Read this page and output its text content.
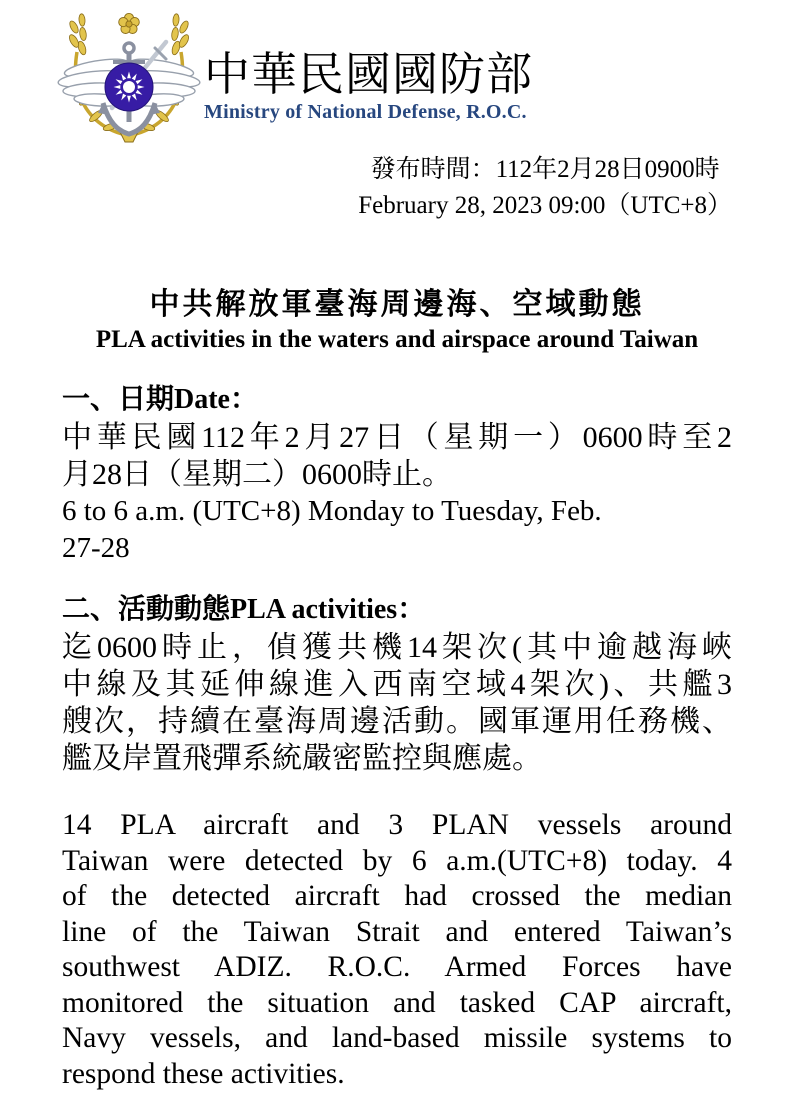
中華民國國防部
Ministry of National Defense, R.O.C.
發布時間：112年2月28日0900時
February 28, 2023 09:00（UTC+8）
中共解放軍臺海周邊海、空域動態
PLA activities in the waters and airspace around Taiwan
一、日期Date：
中華民國112年2月27日（星期一）0600時至2
月28日（星期二）0600時止。
6 to 6 a.m. (UTC+8) Monday to Tuesday, Feb.
27-28
二、活動動態PLA activities：
迄0600時止，偵獲共機14架次(其中逾越海峽
中線及其延伸線進入西南空域4架次)、共艦3
艘次，持續在臺海周邊活動。國軍運用任務機、
艦及岸置飛彈系統嚴密監控與應處。
14 PLA aircraft and 3 PLAN vessels around
Taiwan were detected by 6 a.m.(UTC+8) today. 4
of the detected aircraft had crossed the median
line of the Taiwan Strait and entered Taiwan’s
southwest ADIZ. R.O.C. Armed Forces have
monitored the situation and tasked CAP aircraft,
Navy vessels, and land-based missile systems to
respond these activities.
